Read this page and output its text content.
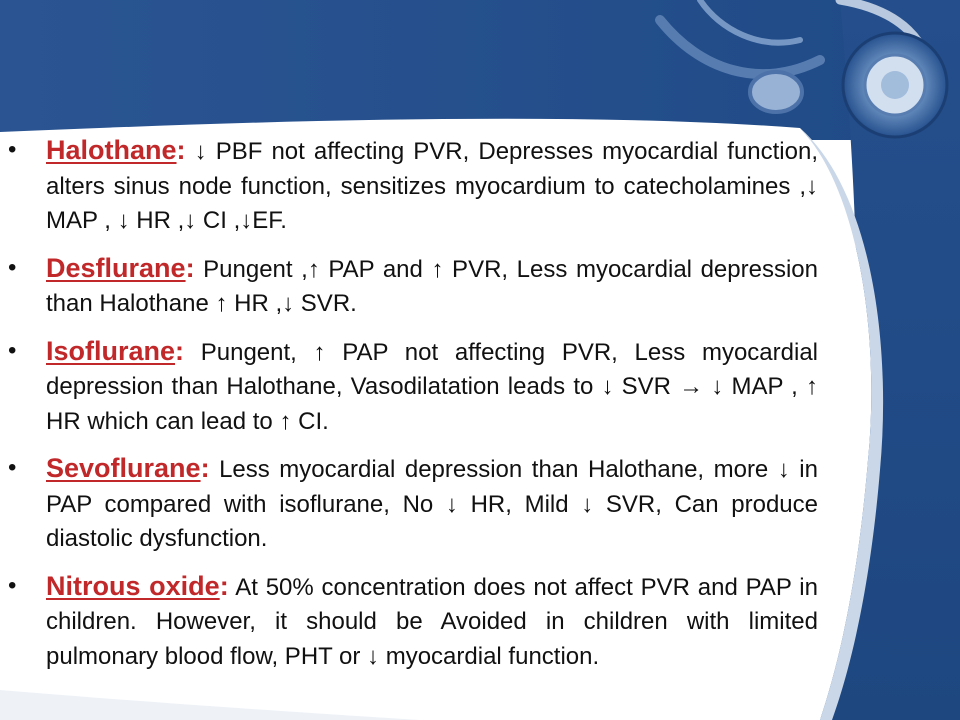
• Halothane: ↓ PBF not affecting PVR, Depresses myocardial function, alters sinus node function, sensitizes myocardium to catecholamines ,↓ MAP , ↓ HR ,↓ CI ,↓EF.
• Desflurane: Pungent ,↑ PAP and ↑ PVR, Less myocardial depression than Halothane ↑ HR ,↓ SVR.
• Isoflurane: Pungent, ↑ PAP not affecting PVR, Less myocardial depression than Halothane, Vasodilatation leads to ↓ SVR → ↓ MAP , ↑ HR which can lead to ↑ CI.
• Sevoflurane: Less myocardial depression than Halothane, more ↓ in PAP compared with isoflurane, No ↓ HR, Mild ↓ SVR, Can produce diastolic dysfunction.
• Nitrous oxide: At 50% concentration does not affect PVR and PAP in children. However, it should be Avoided in children with limited pulmonary blood flow, PHT or ↓ myocardial function.
